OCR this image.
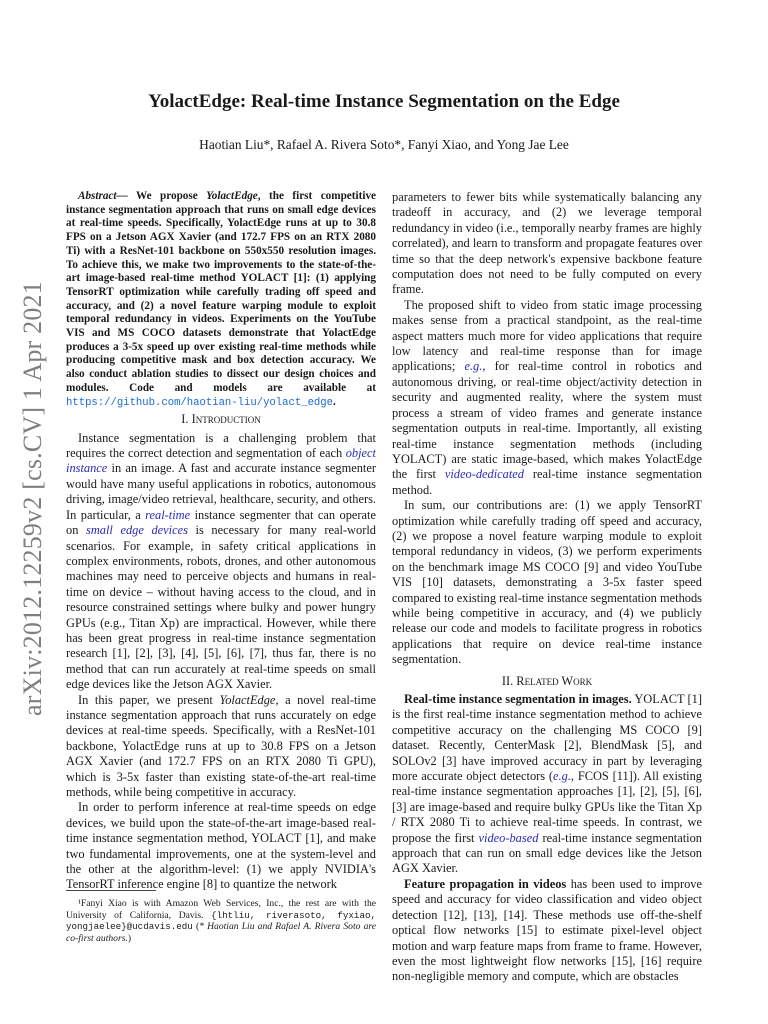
arXiv:2012.12259v2 [cs.CV] 1 Apr 2021
YolactEdge: Real-time Instance Segmentation on the Edge
Haotian Liu*, Rafael A. Rivera Soto*, Fanyi Xiao, and Yong Jae Lee

Abstract— We propose YolactEdge, the first competitive instance segmentation approach that runs on small edge devices at real-time speeds. Specifically, YolactEdge runs at up to 30.8 FPS on a Jetson AGX Xavier (and 172.7 FPS on an RTX 2080 Ti) with a ResNet-101 backbone on 550x550 resolution images. To achieve this, we make two improvements to the state-of-the-art image-based real-time method YOLACT [1]: (1) applying TensorRT optimization while carefully trading off speed and accuracy, and (2) a novel feature warping module to exploit temporal redundancy in videos. Experiments on the YouTube VIS and MS COCO datasets demonstrate that YolactEdge produces a 3-5x speed up over existing real-time methods while producing competitive mask and box detection accuracy. We also conduct ablation studies to dissect our design choices and modules. Code and models are available at https://github.com/haotian-liu/yolact_edge.

I. Introduction

Instance segmentation is a challenging problem that requires the correct detection and segmentation of each object instance in an image. A fast and accurate instance segmenter would have many useful applications in robotics, autonomous driving, image/video retrieval, healthcare, security, and others. In particular, a real-time instance segmenter that can operate on small edge devices is necessary for many real-world scenarios. For example, in safety critical applications in complex environments, robots, drones, and other autonomous machines may need to perceive objects and humans in real-time on device – without having access to the cloud, and in resource constrained settings where bulky and power hungry GPUs (e.g., Titan Xp) are impractical. However, while there has been great progress in real-time instance segmentation research [1], [2], [3], [4], [5], [6], [7], thus far, there is no method that can run accurately at real-time speeds on small edge devices like the Jetson AGX Xavier.

In this paper, we present YolactEdge, a novel real-time instance segmentation approach that runs accurately on edge devices at real-time speeds. Specifically, with a ResNet-101 backbone, YolactEdge runs at up to 30.8 FPS on a Jetson AGX Xavier (and 172.7 FPS on an RTX 2080 Ti GPU), which is 3-5x faster than existing state-of-the-art real-time methods, while being competitive in accuracy.

In order to perform inference at real-time speeds on edge devices, we build upon the state-of-the-art image-based real-time instance segmentation method, YOLACT [1], and make two fundamental improvements, one at the system-level and the other at the algorithm-level: (1) we apply NVIDIA's TensorRT inference engine [8] to quantize the network

¹Fanyi Xiao is with Amazon Web Services, Inc., the rest are with the University of California, Davis. {lhtliu, riverasoto, fyxiao, yongjaelee}@ucdavis.edu (* Haotian Liu and Rafael A. Rivera Soto are co-first authors.)

parameters to fewer bits while systematically balancing any tradeoff in accuracy, and (2) we leverage temporal redundancy in video (i.e., temporally nearby frames are highly correlated), and learn to transform and propagate features over time so that the deep network's expensive backbone feature computation does not need to be fully computed on every frame.

The proposed shift to video from static image processing makes sense from a practical standpoint, as the real-time aspect matters much more for video applications that require low latency and real-time response than for image applications; e.g., for real-time control in robotics and autonomous driving, or real-time object/activity detection in security and augmented reality, where the system must process a stream of video frames and generate instance segmentation outputs in real-time. Importantly, all existing real-time instance segmentation methods (including YOLACT) are static image-based, which makes YolactEdge the first video-dedicated real-time instance segmentation method.

In sum, our contributions are: (1) we apply TensorRT optimization while carefully trading off speed and accuracy, (2) we propose a novel feature warping module to exploit temporal redundancy in videos, (3) we perform experiments on the benchmark image MS COCO [9] and video YouTube VIS [10] datasets, demonstrating a 3-5x faster speed compared to existing real-time instance segmentation methods while being competitive in accuracy, and (4) we publicly release our code and models to facilitate progress in robotics applications that require on device real-time instance segmentation.

II. Related Work

Real-time instance segmentation in images. YOLACT [1] is the first real-time instance segmentation method to achieve competitive accuracy on the challenging MS COCO [9] dataset. Recently, CenterMask [2], BlendMask [5], and SOLOv2 [3] have improved accuracy in part by leveraging more accurate object detectors (e.g., FCOS [11]). All existing real-time instance segmentation approaches [1], [2], [5], [6], [3] are image-based and require bulky GPUs like the Titan Xp / RTX 2080 Ti to achieve real-time speeds. In contrast, we propose the first video-based real-time instance segmentation approach that can run on small edge devices like the Jetson AGX Xavier.

Feature propagation in videos has been used to improve speed and accuracy for video classification and video object detection [12], [13], [14]. These methods use off-the-shelf optical flow networks [15] to estimate pixel-level object motion and warp feature maps from frame to frame. However, even the most lightweight flow networks [15], [16] require non-negligible memory and compute, which are obstacles
